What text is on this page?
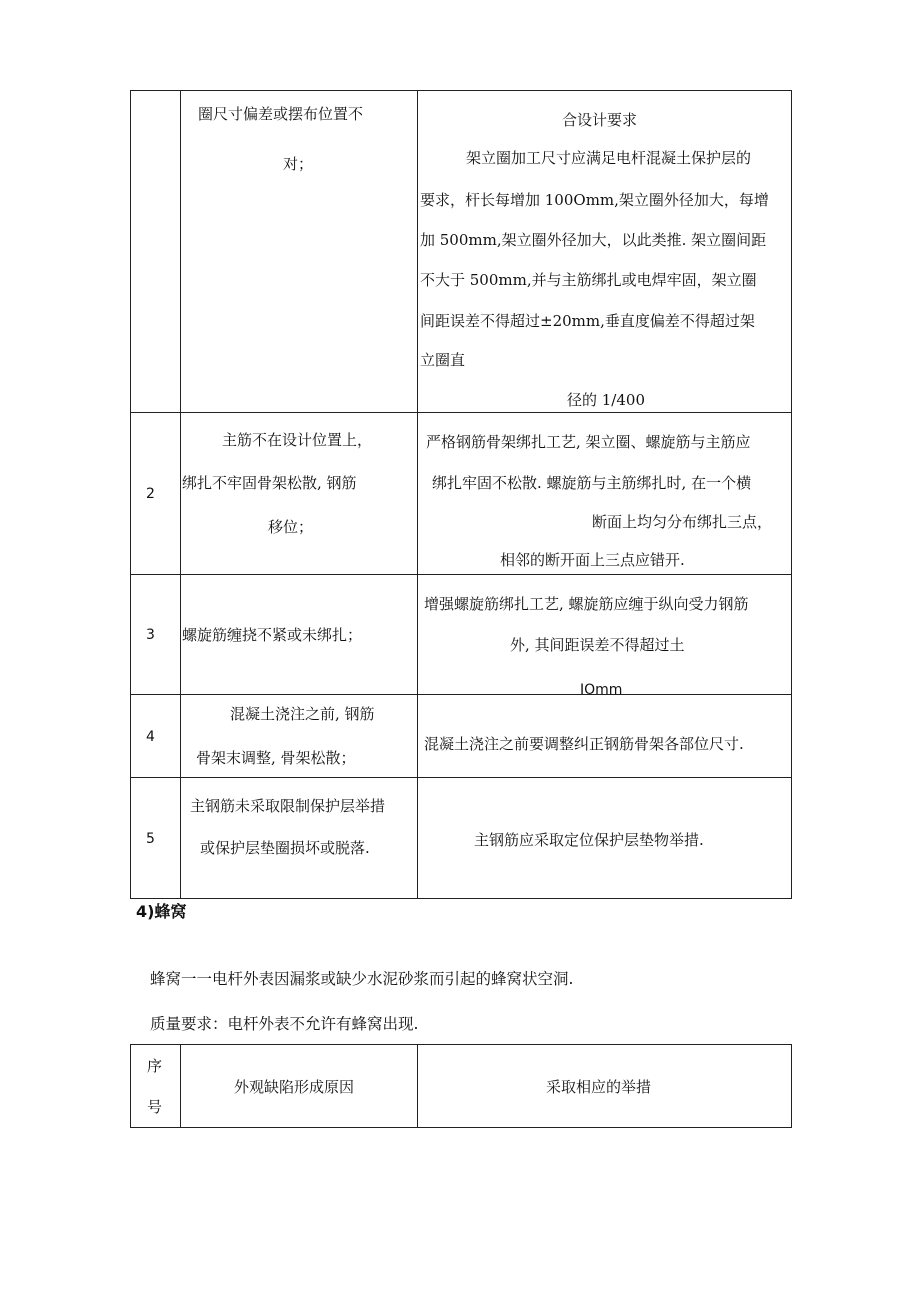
圈尺寸偏差或摆布位置不
对；
合设计要求
架立圈加工尺寸应满足电杆混凝土保护层的
要求，杆长每增加 100Omm,架立圈外径加大，每增
加 500mm,架立圈外径加大，以此类推. 架立圈间距
不大于 500mm,并与主筋绑扎或电焊牢固，架立圈
间距误差不得超过±20mm,垂直度偏差不得超过架
立圈直
径的 1/400
2
主筋不在设计位置上，
绑扎不牢固骨架松散, 钢筋
移位；
严格钢筋骨架绑扎工艺, 架立圈、螺旋筋与主筋应
绑扎牢固不松散. 螺旋筋与主筋绑扎时, 在一个横
断面上均匀分布绑扎三点，
相邻的断开面上三点应错开.
3 螺旋筋缠挠不紧或未绑扎；
增强螺旋筋绑扎工艺, 螺旋筋应缠于纵向受力钢筋
外, 其间距误差不得超过土
IOmm
4
混凝土浇注之前, 钢筋
骨架末调整, 骨架松散；
混凝土浇注之前要调整纠正钢筋骨架各部位尺寸.
5
主钢筋未采取限制保护层举措
或保护层垫圈损坏或脱落.	主钢筋应采取定位保护层垫物举措.
4)蜂窝
蜂窝一一电杆外表因漏浆或缺少水泥砂浆而引起的蜂窝状空洞.
质量要求：电杆外表不允许有蜂窝出现.
序
号
外观缺陷形成原因	采取相应的举措
